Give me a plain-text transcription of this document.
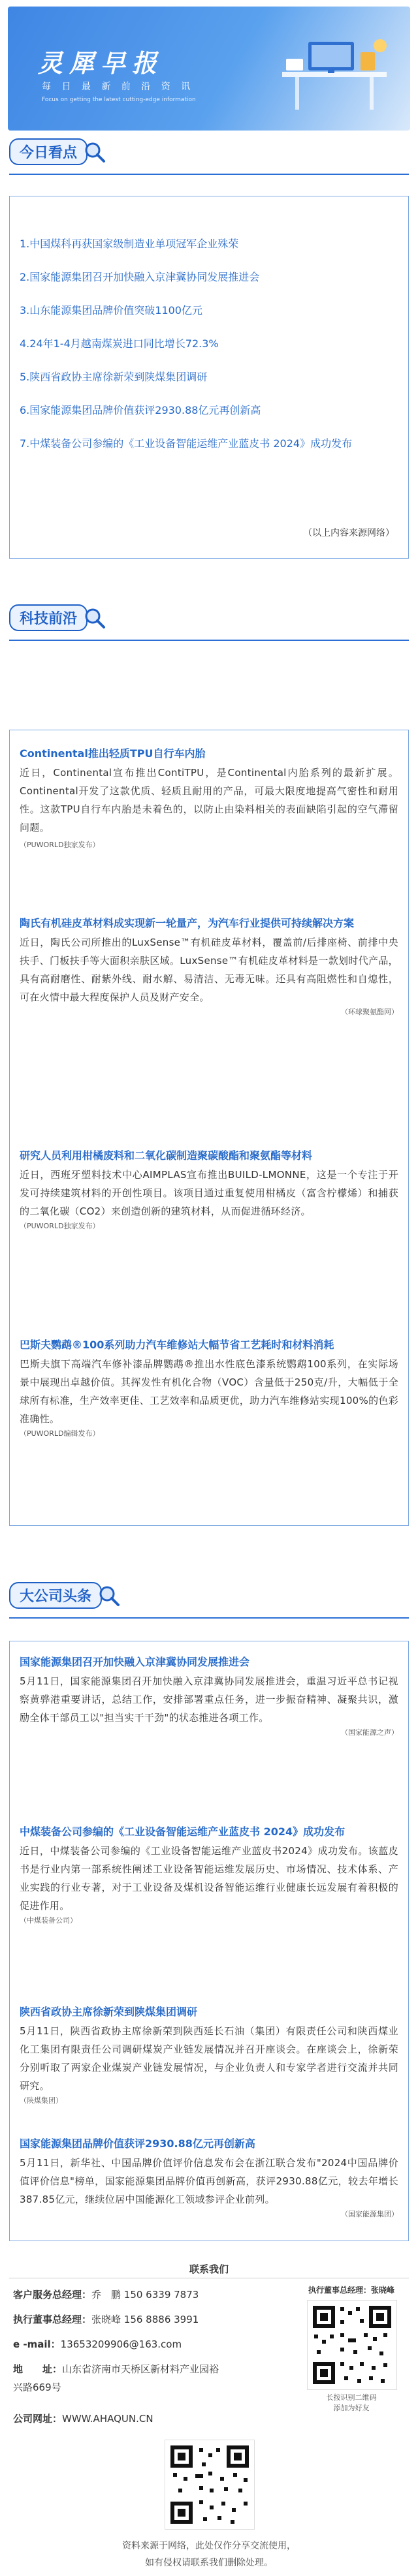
灵犀早报
每 日 最 新 前 沿 资 讯
Focus on getting the latest cutting-edge information
今日看点
1.中国煤科再获国家级制造业单项冠军企业殊荣
2.国家能源集团召开加快融入京津冀协同发展推进会
3.山东能源集团品牌价值突破1100亿元
4.24年1-4月越南煤炭进口同比增长72.3%
5.陕西省政协主席徐新荣到陕煤集团调研
6.国家能源集团品牌价值获评2930.88亿元再创新高
7.中煤装备公司参编的《工业设备智能运维产业蓝皮书 2024》成功发布
（以上内容来源网络）
科技前沿
Continental推出轻质TPU自行车内胎
近日，Continental宣布推出ContiTPU，是Continental内胎系列的最新扩展。Continental开发了这款优质、轻质且耐用的产品，可最大限度地提高气密性和耐用性。这款TPU自行车内胎是未着色的，以防止由染料相关的表面缺陷引起的空气滞留问题。
（PUWORLD独家发布）
陶氏有机硅皮革材料成实现新一轮量产，为汽车行业提供可持续解决方案
近日，陶氏公司所推出的LuxSense™有机硅皮革材料，覆盖前/后排座椅、前排中央扶手、门板扶手等大面积亲肤区域。LuxSense™有机硅皮革材料是一款划时代产品，具有高耐磨性、耐紫外线、耐水解、易清洁、无毒无味。还具有高阻燃性和自熄性，可在火情中最大程度保护人员及财产安全。
（环球聚氨酯网）
研究人员利用柑橘废料和二氧化碳制造聚碳酸酯和聚氨酯等材料
近日，西班牙塑料技术中心AIMPLAS宣布推出BUILD-LMONNE，这是一个专注于开发可持续建筑材料的开创性项目。该项目通过重复使用柑橘皮（富含柠檬烯）和捕获的二氧化碳（CO2）来创造创新的建筑材料，从而促进循环经济。
（PUWORLD独家发布）
巴斯夫鹦鹉®100系列助力汽车维修站大幅节省工艺耗时和材料消耗
巴斯夫旗下高端汽车修补漆品牌鹦鹉®推出水性底色漆系统鹦鹉100系列，在实际场景中展现出卓越价值。其挥发性有机化合物（VOC）含量低于250克/升，大幅低于全球所有标准，生产效率更佳、工艺效率和品质更优，助力汽车维修站实现100%的色彩准确性。
（PUWORLD编辑发布）
大公司头条
国家能源集团召开加快融入京津冀协同发展推进会
5月11日，国家能源集团召开加快融入京津冀协同发展推进会，重温习近平总书记视察黄骅港重要讲话，总结工作，安排部署重点任务，进一步振奋精神、凝聚共识，激励全体干部员工以"担当实干干劲"的状态推进各项工作。
（国家能源之声）
中煤装备公司参编的《工业设备智能运维产业蓝皮书 2024》成功发布
近日，中煤装备公司参编的《工业设备智能运维产业蓝皮书2024》成功发布。该蓝皮书是行业内第一部系统性阐述工业设备智能运维发展历史、市场情况、技术体系、产业实践的行业专著，对于工业设备及煤机设备智能运维行业健康长远发展有着积极的促进作用。
（中煤装备公司）
陕西省政协主席徐新荣到陕煤集团调研
5月11日，陕西省政协主席徐新荣到陕西延长石油（集团）有限责任公司和陕西煤业化工集团有限责任公司调研煤炭产业链发展情况并召开座谈会。在座谈会上，徐新荣分别听取了两家企业煤炭产业链发展情况，与企业负责人和专家学者进行交流并共同研究。
（陕煤集团）
国家能源集团品牌价值获评2930.88亿元再创新高
5月11日，新华社、中国品牌价值评价信息发布会在浙江联合发布"2024中国品牌价值评价信息"榜单，国家能源集团品牌价值再创新高，获评2930.88亿元，较去年增长387.85亿元，继续位居中国能源化工领域参评企业前列。
（国家能源集团）
联系我们
客户服务总经理：乔　鹏 150 6339 7873
执行董事总经理：张晓峰 156 8886 3991
e -mail：13653209906@163.com
地　　址：山东省济南市天桥区新材料产业园裕兴路669号
公司网址：WWW.AHAQUN.CN
执行董事总经理：张晓峰
长按识别二维码
添加为好友
资料来源于网络，此处仅作分享交流使用，
如有侵权请联系我们删除处理。
